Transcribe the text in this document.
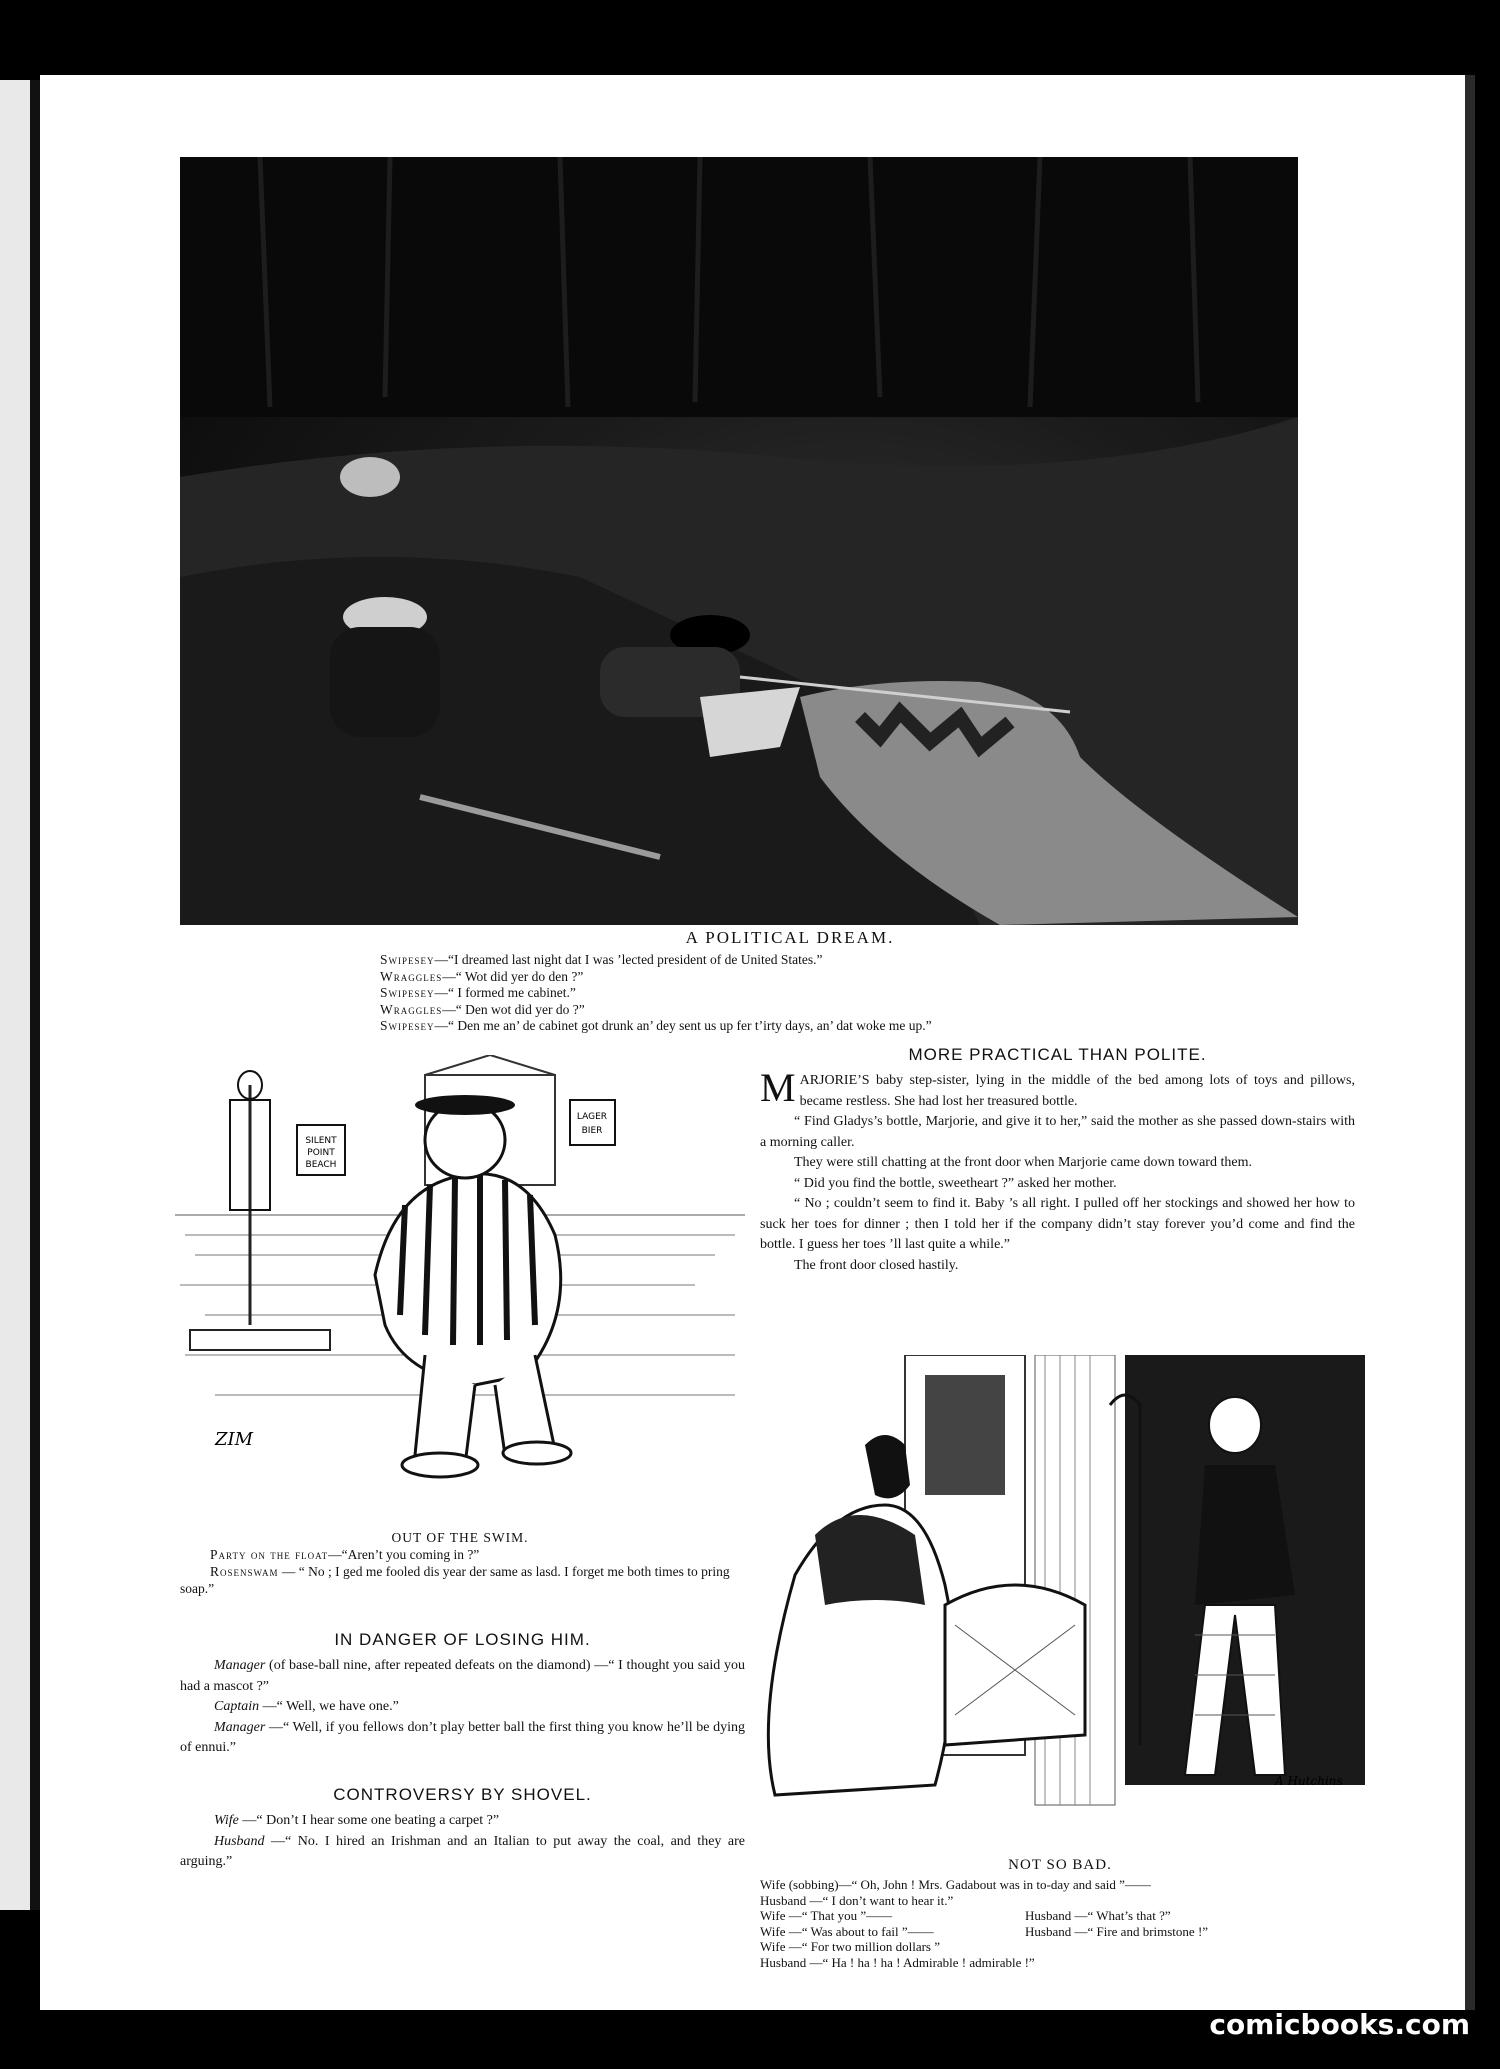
A POLITICAL DREAM.

Swipesey—“I dreamed last night dat I was ’lected president of de United States.”
Wraggles—“ Wot did yer do den ?”
Swipesey—“ I formed me cabinet.”
Wraggles—“ Den wot did yer do ?”
Swipesey—“ Den me an’ de cabinet got drunk an’ dey sent us up fer t’irty days, an’ dat woke me up.”
SILENT
POINT
BEACH
LAGER
BIER
ZIM

OUT OF THE SWIM.

Party on the float—“Aren’t you coming in ?”

Rosenswam — “ No ; I ged me fooled dis year der same as lasd. I forget me both times to pring soap.”

MORE PRACTICAL THAN POLITE.

MARJORIE’S baby step-sister, lying in the middle of the bed among lots of toys and pillows, became restless. She had lost her treasured bottle.

“ Find Gladys’s bottle, Marjorie, and give it to her,” said the mother as she passed down-stairs with a morning caller.

They were still chatting at the front door when Marjorie came down toward them.

“ Did you find the bottle, sweetheart ?” asked her mother.

“ No ; couldn’t seem to find it. Baby ’s all right. I pulled off her stockings and showed her how to suck her toes for dinner ; then I told her if the company didn’t stay forever you’d come and find the bottle. I guess her toes ’ll last quite a while.”

The front door closed hastily.

A Hutchins

NOT SO BAD.

Wife (sobbing)—“ Oh, John ! Mrs. Gadabout was in to-day and said ”——
Husband —“ I don’t want to hear it.”
Wife —“ That you ”——	Husband —“ What’s that ?”
Wife —“ Was about to fail ”——	Husband —“ Fire and brimstone !”
Wife —“ For two million dollars ”
Husband —“ Ha ! ha ! ha ! Admirable ! admirable !”
IN DANGER OF LOSING HIM.

Manager (of base-ball nine, after repeated defeats on the diamond) —“ I thought you said you had a mascot ?”

Captain —“ Well, we have one.”

Manager —“ Well, if you fellows don’t play better ball the first thing you know he’ll be dying of ennui.”

CONTROVERSY BY SHOVEL.

Wife —“ Don’t I hear some one beating a carpet ?”

Husband —“ No. I hired an Irishman and an Italian to put away the coal, and they are arguing.”

comicbooks.com
